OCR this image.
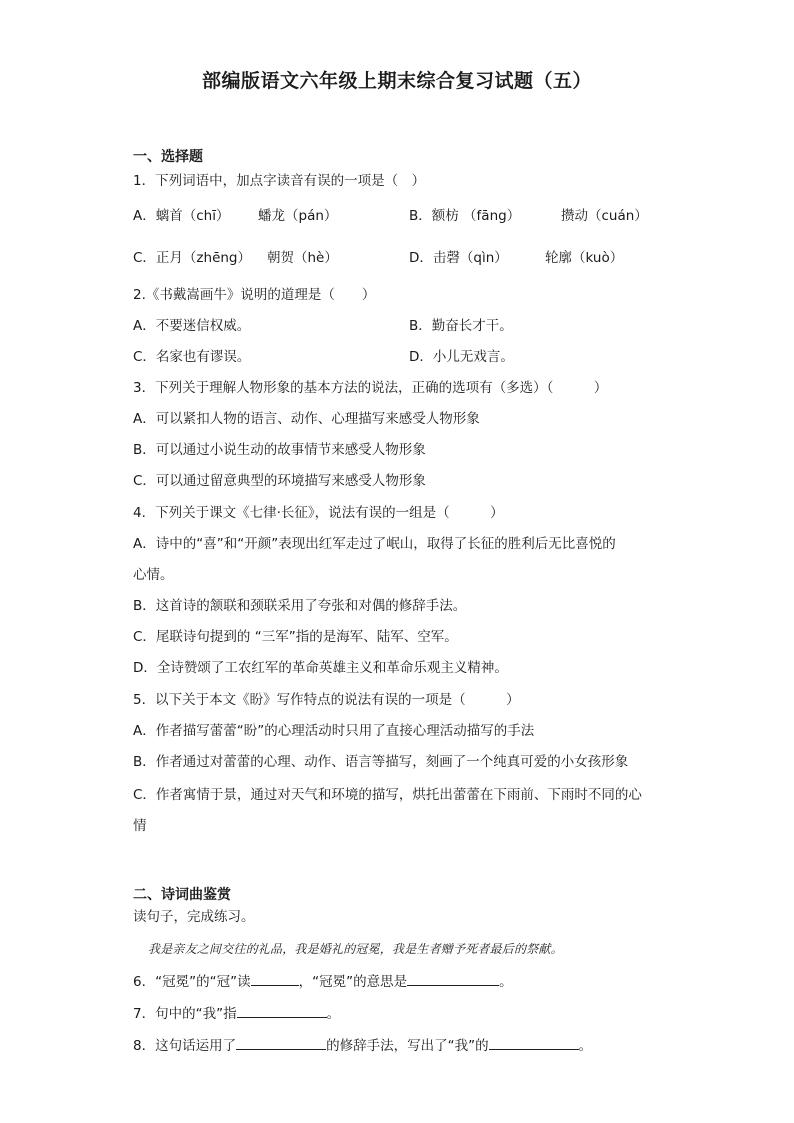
部编版语文六年级上期末综合复习试题（五）
一、选择题
1．下列词语中，加点字读音有误的一项是（　）
A．螭首（chī） 蟠龙（pán）	B．额枋 （fāng）	攒动（cuán）
C．正月（zhēng） 朝贺（hè）	D．击磬（qìn）	轮廓（kuò）
2.《书戴嵩画牛》说明的道理是（　　）
A．不要迷信权威。	B．勤奋长才干。
C．名家也有谬误。	D．小儿无戏言。
3．下列关于理解人物形象的基本方法的说法，正确的选项有（多选）（　　　）
A．可以紧扣人物的语言、动作、心理描写来感受人物形象
B．可以通过小说生动的故事情节来感受人物形象
C．可以通过留意典型的环境描写来感受人物形象
4．下列关于课文《七律·长征》，说法有误的一组是（　　　）
A．诗中的“喜”和“开颜”表现出红军走过了岷山，取得了长征的胜利后无比喜悦的
心情。
B．这首诗的颔联和颈联采用了夸张和对偶的修辞手法。
C．尾联诗句提到的 “三军”指的是海军、陆军、空军。
D．全诗赞颂了工农红军的革命英雄主义和革命乐观主义精神。
5．以下关于本文《盼》写作特点的说法有误的一项是（　　　）
A．作者描写蕾蕾“盼”的心理活动时只用了直接心理活动描写的手法
B．作者通过对蕾蕾的心理、动作、语言等描写，刻画了一个纯真可爱的小女孩形象
C．作者寓情于景，通过对天气和环境的描写，烘托出蕾蕾在下雨前、下雨时不同的心
情
二、诗词曲鉴赏
读句子，完成练习。
我是亲友之间交往的礼品，我是婚礼的冠冕，我是生者赠予死者最后的祭献。
6．“冠冕”的“冠”读	，“冠冕”的意思是	。
7．句中的“我”指	。
8．这句话运用了	的修辞手法，写出了“我”的	。
